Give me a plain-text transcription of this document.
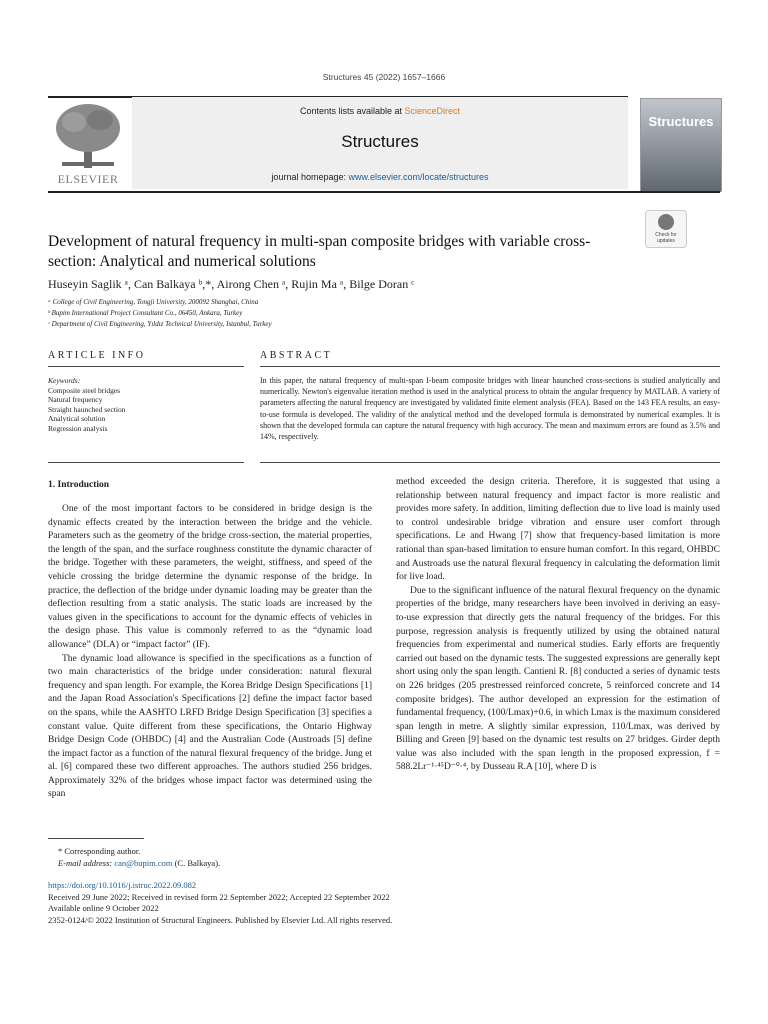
Structures 45 (2022) 1657–1666
ELSEVIER
Contents lists available at ScienceDirect
Structures
journal homepage: www.elsevier.com/locate/structures
Structures
Check for updates
Development of natural frequency in multi-span composite bridges with variable cross-section: Analytical and numerical solutions
Huseyin Saglik ᵃ, Can Balkaya ᵇ,*, Airong Chen ᵃ, Rujin Ma ᵃ, Bilge Doran ᶜ
ᵃ College of Civil Engineering, Tongji University, 200092 Shanghai, China
ᵇ Bupim International Project Consultant Co., 06450, Ankara, Turkey
ᶜ Department of Civil Engineering, Yıldız Technical University, Istanbul, Turkey
ARTICLE INFO	ABSTRACT
Keywords:
Composite steel bridges
Natural frequency
Straight haunched section
Analytical solution
Regression analysis
In this paper, the natural frequency of multi-span I-beam composite bridges with linear haunched cross-sections is studied analytically and numerically. Newton's eigenvalue iteration method is used in the analytical process to obtain the angular frequency by MATLAB. A variety of parameters affecting the natural frequency are investigated by validated finite element analysis (FEA). Based on the 143 FEA results, an easy-to-use formula is developed. The validity of the analytical method and the developed formula is demonstrated by numerical examples. It is shown that the developed formula can capture the natural frequency with high accuracy. The mean and maximum errors are found as 3.5% and 14%, respectively.
1. Introduction

One of the most important factors to be considered in bridge design is the dynamic effects created by the interaction between the bridge and the vehicle. Parameters such as the geometry of the bridge cross-section, the material properties, the length of the span, and the surface roughness constitute the dynamic character of the bridge. Together with these parameters, the weight, stiffness, and speed of the vehicle crossing the bridge determine the dynamic response of the bridge. In practice, the deflection of the bridge under dynamic loading may be greater than the deflection resulting from a static analysis. The static loads are increased by the values given in the specifications to account for the dynamic effects of vehicles in the design phase. This value is commonly referred to as the “dynamic load allowance” (DLA) or “impact factor” (IF).

The dynamic load allowance is specified in the specifications as a function of two main characteristics of the bridge under consideration: natural flexural frequency and span length. For example, the Korea Bridge Design Specifications [1] and the Japan Road Association's Specifications [2] define the impact factor based on the spans, while the AASHTO LRFD Bridge Design Specification [3] specifies a constant value. Quite different from these specifications, the Ontario Highway Bridge Design Code (OHBDC) [4] and the Australian Code (Austroads [5] define the impact factor as a function of the natural flexural frequency of the bridge. Jung et al. [6] compared these two different approaches. The authors studied 256 bridges. Approximately 32% of the bridges whose impact factor was determined using the span

method exceeded the design criteria. Therefore, it is suggested that using a relationship between natural frequency and impact factor is more realistic and provides more safety. In addition, limiting deflection due to live load is mainly used to control undesirable bridge vibration and ensure user comfort through specifications. Le and Hwang [7] show that frequency-based limitation is more rational than span-based limitation to ensure human comfort. In this regard, OHBDC and Austroads use the natural flexural frequency in calculating the deformation limit for live load.

Due to the significant influence of the natural flexural frequency on the dynamic properties of the bridge, many researchers have been involved in deriving an easy-to-use expression that directly gets the natural frequency of the bridges. For this purpose, regression analysis is frequently utilized by using the obtained natural frequencies from experimental and numerical studies. Early efforts are frequently carried out based on the dynamic tests. The suggested expressions are generally kept short using only the span length. Cantieni R. [8] conducted a series of dynamic tests on 226 bridges (205 prestressed reinforced concrete, 5 reinforced concrete and 14 composite bridges). The author developed an expression for the estimation of fundamental frequency, (100/Lmax)+0.6, in which Lmax is the maximum considered span length in metre. A slightly similar expression, 110/Lmax, was derived by Billing and Green [9] based on the dynamic test results on 27 bridges. Girder depth value was also included with the span length in the proposed expression, f = 588.2Lr⁻¹·⁴⁵D⁻⁰·⁴, by Dusseau R.A [10], where D is

* Corresponding author.
E-mail address: can@bupim.com (C. Balkaya).
https://doi.org/10.1016/j.istruc.2022.09.082
Received 29 June 2022; Received in revised form 22 September 2022; Accepted 22 September 2022
Available online 9 October 2022
2352-0124/© 2022 Institution of Structural Engineers. Published by Elsevier Ltd. All rights reserved.
